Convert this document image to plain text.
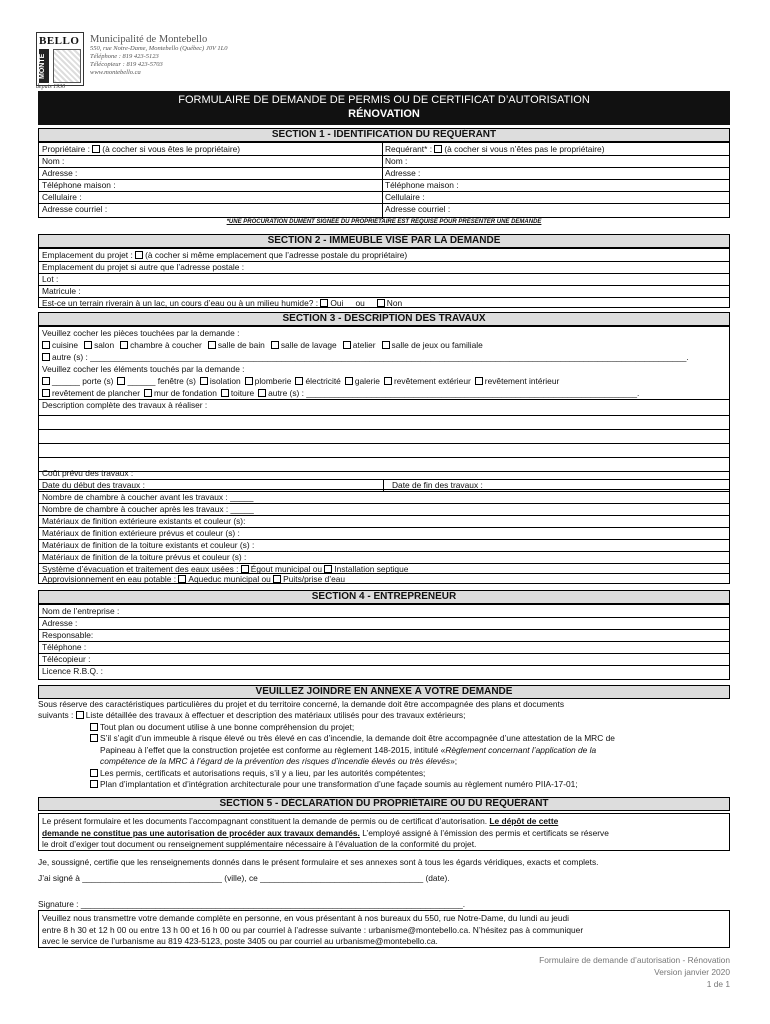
BELLO
MONTE
depuis 1930
Municipalité de Montebello
550, rue Notre-Dame, Montebello (Québec) J0V 1L0
Téléphone : 819 423-5123
Télécopieur : 819 423-5703
www.montebello.ca
FORMULAIRE DE DEMANDE DE PERMIS OU DE CERTIFICAT D’AUTORISATION
RÉNOVATION
SECTION 1 - IDENTIFICATION DU REQUÉRANT
Propriétaire : (à cocher si vous êtes le propriétaire)
Nom :
Adresse :
Téléphone maison :
Cellulaire :
Adresse courriel :
Requérant* : (à cocher si vous n’êtes pas le propriétaire)
Nom :
Adresse :
Téléphone maison :
Cellulaire :
Adresse courriel :
*UNE PROCURATION DÛMENT SIGNÉE DU PROPRIÉTAIRE EST REQUISE POUR PRÉSENTER UNE DEMANDE
SECTION 2 - IMMEUBLE VISÉ PAR LA DEMANDE
Emplacement du projet : (à cocher si même emplacement que l’adresse postale du propriétaire)
Emplacement du projet si autre que l’adresse postale :
Lot :
Matricule :
Est-ce un terrain riverain à un lac, un cours d’eau ou à un milieu humide? : Oui ou	Non
SECTION 3 - DESCRIPTION DES TRAVAUX
Veuillez cocher les pièces touchées par la demande :
cuisine salon chambre à coucher salle de bain salle de lavage atelier salle de jeux ou familiale
autre (s) : ________________________________________________________________________________________________________________________________.
Veuillez cocher les éléments touchés par la demande :
______ porte (s) ______ fenêtre (s) isolation plomberie électricité galerie revêtement extérieur revêtement intérieur
revêtement de plancher mur de fondation toiture autre (s) : _______________________________________________________________________.
Description complète des travaux à réaliser :
Coût prévu des travaux :
Date du début des travaux :	Date de fin des travaux :
Nombre de chambre à coucher avant les travaux : _____
Nombre de chambre à coucher après les travaux : _____
Matériaux de finition extérieure existants et couleur (s):
Matériaux de finition extérieure prévus et couleur (s) :
Matériaux de finition de la toiture existants et couleur (s) :
Matériaux de finition de la toiture prévus et couleur (s) :
Système d’évacuation et traitement des eaux usées : Égout municipal ou Installation septique
Approvisionnement en eau potable : Aqueduc municipal ou Puits/prise d’eau
SECTION 4 - ENTREPRENEUR
Nom de l’entreprise :
Adresse :
Responsable:
Téléphone :
Télécopieur :
Licence R.B.Q. :
VEUILLEZ JOINDRE EN ANNEXE À VOTRE DEMANDE
Sous réserve des caractéristiques particulières du projet et du territoire concerné, la demande doit être accompagnée des plans et documents
suivants : Liste détaillée des travaux à effectuer et description des matériaux utilisés pour des travaux extérieurs;
Tout plan ou document utilise à une bonne compréhension du projet;
S’il s’agit d’un immeuble à risque élevé ou très élevé en cas d’incendie, la demande doit être accompagnée d’une attestation de la MRC de
Papineau à l’effet que la construction projetée est conforme au règlement 148-2015, intitulé «Règlement concernant l’application de la
compétence de la MRC à l’égard de la prévention des risques d’incendie élevés ou très élevés»;
Les permis, certificats et autorisations requis, s’il y a lieu, par les autorités compétentes;
Plan d’implantation et d’intégration architecturale pour une transformation d’une façade soumis au règlement numéro PIIA-17-01;
SECTION 5 - DÉCLARATION DU PROPRIÉTAIRE OU DU REQUÉRANT
Le présent formulaire et les documents l’accompagnant constituent la demande de permis ou de certificat d’autorisation. Le dépôt de cette
demande ne constitue pas une autorisation de procéder aux travaux demandés. L’employé assigné à l’émission des permis et certificats se réserve
le droit d’exiger tout document ou renseignement supplémentaire nécessaire à l’évaluation de la conformité du projet.
Je, soussigné, certifie que les renseignements donnés dans le présent formulaire et ses annexes sont à tous les égards véridiques, exacts et complets.
J’ai signé à ______________________________ (ville), ce ___________________________________ (date).
Signature : __________________________________________________________________________________.
Veuillez nous transmettre votre demande complète en personne, en vous présentant à nos bureaux du 550, rue Notre-Dame, du lundi au jeudi
entre 8 h 30 et 12 h 00 ou entre 13 h 00 et 16 h 00 ou par courriel à l’adresse suivante : urbanisme@montebello.ca. N’hésitez pas à communiquer
avec le service de l’urbanisme au 819 423-5123, poste 3405 ou par courriel au urbanisme@montebello.ca.
Formulaire de demande d’autorisation - Rénovation
Version janvier 2020
1 de 1
